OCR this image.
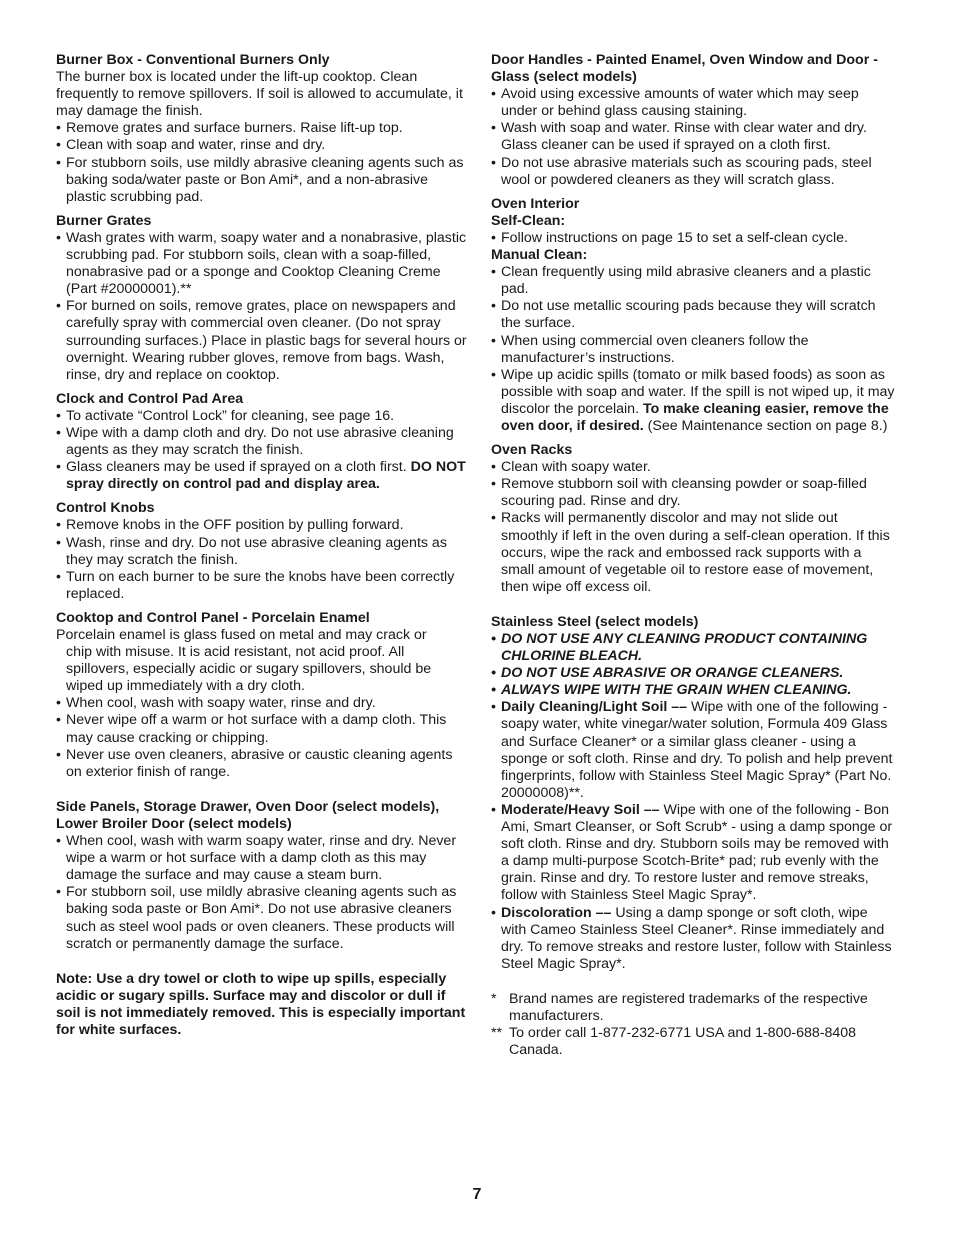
Burner Box - Conventional Burners Only

The burner box is located under the lift-up cooktop. Clean frequently to remove spillovers. If soil is allowed to accumulate, it may damage the finish.

• Remove grates and surface burners. Raise lift-up top.
• Clean with soap and water, rinse and dry.
• For stubborn soils, use mildly abrasive cleaning agents such as baking soda/water paste or Bon Ami*, and a non-abrasive plastic scrubbing pad.
Burner Grates
• Wash grates with warm, soapy water and a nonabrasive, plastic scrubbing pad. For stubborn soils, clean with a soap-filled, nonabrasive pad or a sponge and Cooktop Cleaning Creme (Part #20000001).**
• For burned on soils, remove grates, place on newspapers and carefully spray with commercial oven cleaner. (Do not spray surrounding surfaces.) Place in plastic bags for several hours or overnight. Wearing rubber gloves, remove from bags. Wash, rinse, dry and replace on cooktop.
Clock and Control Pad Area
• To activate “Control Lock” for cleaning, see page 16.
• Wipe with a damp cloth and dry. Do not use abrasive cleaning agents as they may scratch the finish.
• Glass cleaners may be used if sprayed on a cloth first. DO NOT spray directly on control pad and display area.
Control Knobs
• Remove knobs in the OFF position by pulling forward.
• Wash, rinse and dry. Do not use abrasive cleaning agents as they may scratch the finish.
• Turn on each burner to be sure the knobs have been correctly replaced.
Cooktop and Control Panel - Porcelain Enamel

Porcelain enamel is glass fused on metal and may crack or

chip with misuse. It is acid resistant, not acid proof. All spillovers, especially acidic or sugary spillovers, should be wiped up immediately with a dry cloth.

• When cool, wash with soapy water, rinse and dry.
• Never wipe off a warm or hot surface with a damp cloth. This may cause cracking or chipping.
• Never use oven cleaners, abrasive or caustic cleaning agents on exterior finish of range.
Side Panels, Storage Drawer, Oven Door (select models), Lower Broiler Door (select models)
• When cool, wash with warm soapy water, rinse and dry. Never wipe a warm or hot surface with a damp cloth as this may damage the surface and may cause a steam burn.
• For stubborn soil, use mildly abrasive cleaning agents such as baking soda paste or Bon Ami*. Do not use abrasive cleaners such as steel wool pads or oven cleaners. These products will scratch or permanently damage the surface.

Note: Use a dry towel or cloth to wipe up spills, especially acidic or sugary spills. Surface may and discolor or dull if soil is not immediately removed. This is especially important for white surfaces.

Door Handles - Painted Enamel, Oven Window and Door - Glass (select models)
• Avoid using excessive amounts of water which may seep under or behind glass causing staining.
• Wash with soap and water. Rinse with clear water and dry. Glass cleaner can be used if sprayed on a cloth first.
• Do not use abrasive materials such as scouring pads, steel wool or powdered cleaners as they will scratch glass.
Oven Interior
Self-Clean:
• Follow instructions on page 15 to set a self-clean cycle.
Manual Clean:
• Clean frequently using mild abrasive cleaners and a plastic pad.
• Do not use metallic scouring pads because they will scratch the surface.
• When using commercial oven cleaners follow the manufacturer’s instructions.
• Wipe up acidic spills (tomato or milk based foods) as soon as possible with soap and water. If the spill is not wiped up, it may discolor the porcelain. To make cleaning easier, remove the oven door, if desired. (See Maintenance section on page 8.)
Oven Racks
• Clean with soapy water.
• Remove stubborn soil with cleansing powder or soap-filled scouring pad. Rinse and dry.
• Racks will permanently discolor and may not slide out smoothly if left in the oven during a self-clean operation. If this occurs, wipe the rack and embossed rack supports with a small amount of vegetable oil to restore ease of movement, then wipe off excess oil.
Stainless Steel (select models)
• DO NOT USE ANY CLEANING PRODUCT CONTAINING CHLORINE BLEACH.
• DO NOT USE ABRASIVE OR ORANGE CLEANERS.
• ALWAYS WIPE WITH THE GRAIN WHEN CLEANING.
• Daily Cleaning/Light Soil –– Wipe with one of the following - soapy water, white vinegar/water solution, Formula 409 Glass and Surface Cleaner* or a similar glass cleaner - using a sponge or soft cloth. Rinse and dry. To polish and help prevent fingerprints, follow with Stainless Steel Magic Spray* (Part No. 20000008)**.
• Moderate/Heavy Soil –– Wipe with one of the following - Bon Ami, Smart Cleanser, or Soft Scrub* - using a damp sponge or soft cloth. Rinse and dry. Stubborn soils may be removed with a damp multi-purpose Scotch-Brite* pad; rub evenly with the grain. Rinse and dry. To restore luster and remove streaks, follow with Stainless Steel Magic Spray*.
• Discoloration –– Using a damp sponge or soft cloth, wipe with Cameo Stainless Steel Cleaner*. Rinse immediately and dry. To remove streaks and restore luster, follow with Stainless Steel Magic Spray*.

* Brand names are registered trademarks of the respective manufacturers.

** To order call 1-877-232-6771 USA and 1-800-688-8408 Canada.

7
